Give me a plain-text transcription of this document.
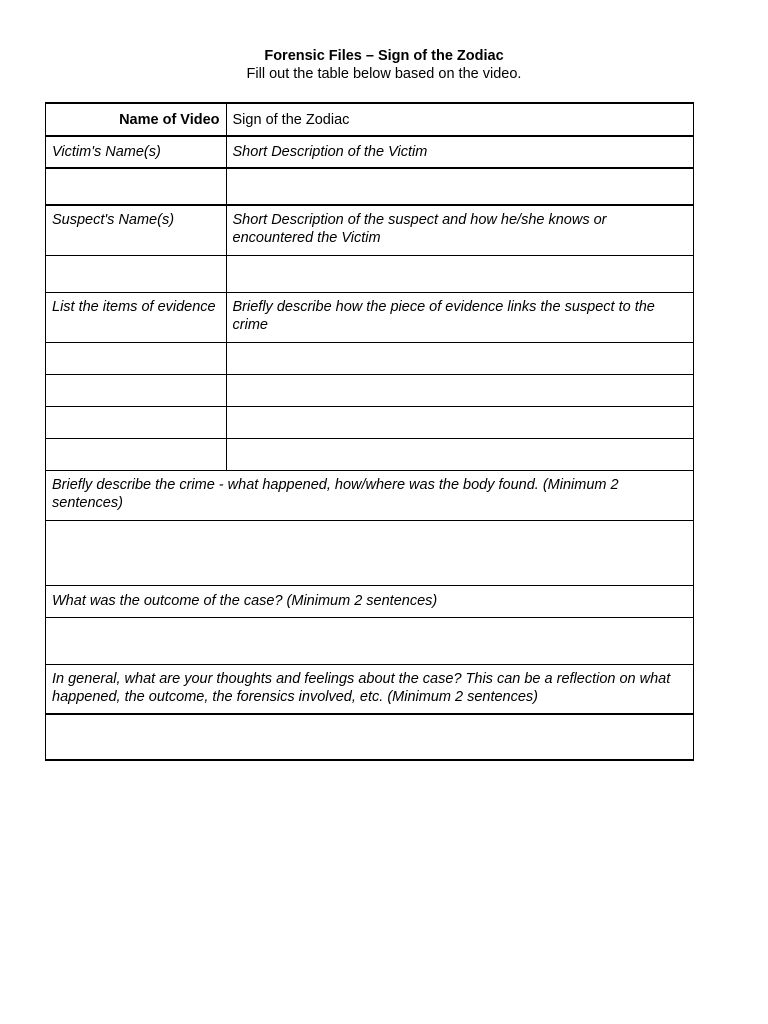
Forensic Files – Sign of the Zodiac
Fill out the table below based on the video.
Name of Video	Sign of the Zodiac
Victim's Name(s)	Short Description of the Victim

Suspect's Name(s)	Short Description of the suspect and how he/she knows or encountered the Victim

List the items of evidence	Briefly describe how the piece of evidence links the suspect to the crime

Briefly describe the crime - what happened, how/where was the body found. (Minimum 2 sentences)	

What was the outcome of the case? (Minimum 2 sentences)	

In general, what are your thoughts and feelings about the case? This can be a reflection on what happened, the outcome, the forensics involved, etc. (Minimum 2 sentences)	
